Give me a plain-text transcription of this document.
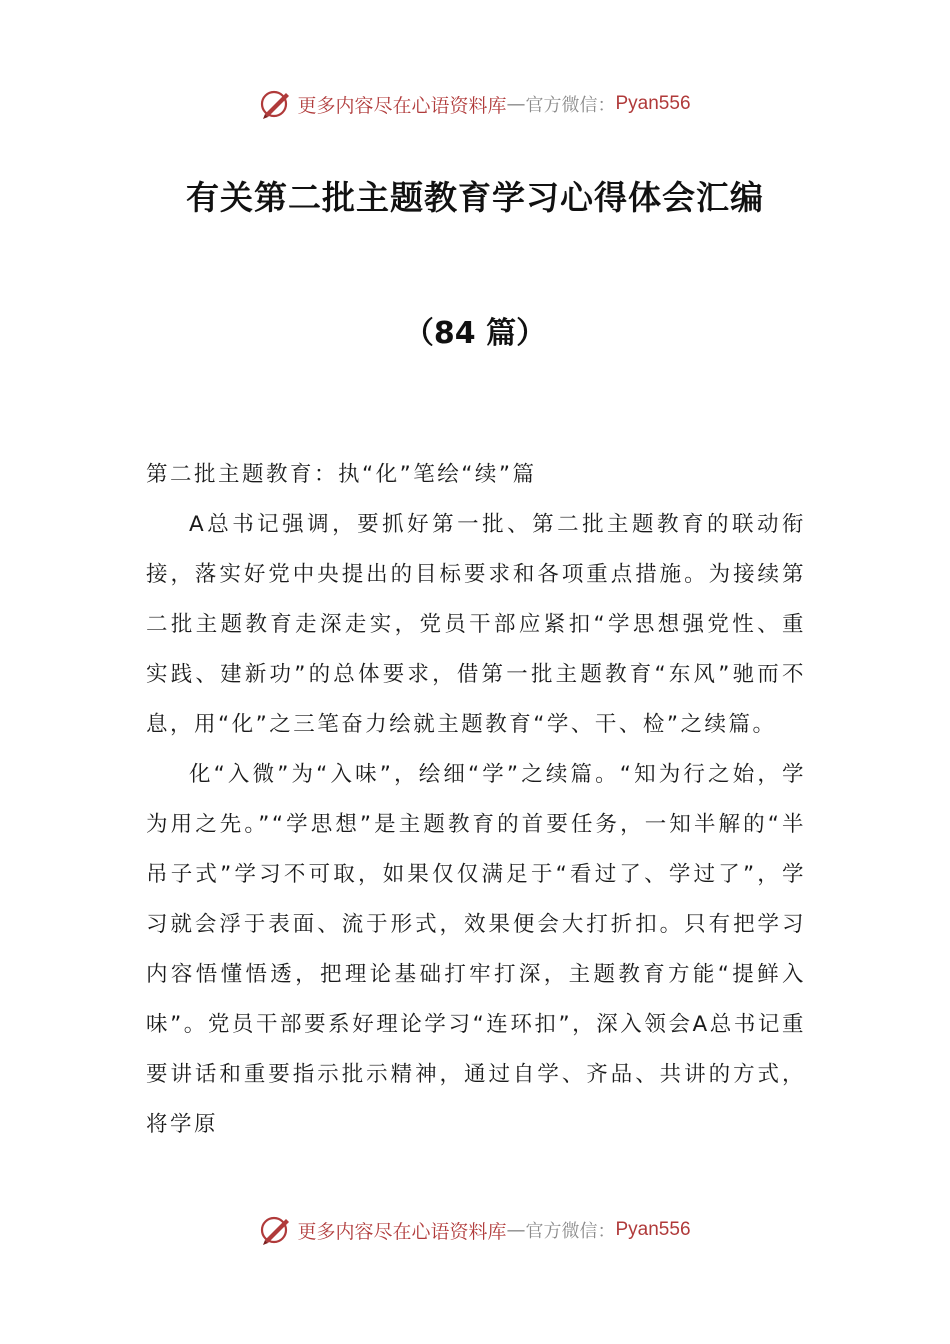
更多内容尽在心语资料库 — 官方微信： Pyan556
有关第二批主题教育学习心得体会汇编
（84 篇）
第二批主题教育：执“化”笔绘“续”篇

A总书记强调，要抓好第一批、第二批主题教育的联动衔接，落实好党中央提出的目标要求和各项重点措施。为接续第二批主题教育走深走实，党员干部应紧扣“学思想强党性、重实践、建新功”的总体要求，借第一批主题教育“东风”驰而不息，用“化”之三笔奋力绘就主题教育“学、干、检”之续篇。

化“入微”为“入味”，绘细“学”之续篇。“知为行之始，学为用之先。”“学思想”是主题教育的首要任务，一知半解的“半吊子式”学习不可取，如果仅仅满足于“看过了、学过了”，学习就会浮于表面、流于形式，效果便会大打折扣。只有把学习内容悟懂悟透，把理论基础打牢打深，主题教育方能“提鲜入味”。党员干部要系好理论学习“连环扣”，深入领会A总书记重要讲话和重要指示批示精神，通过自学、齐品、共讲的方式，将学原

更多内容尽在心语资料库 — 官方微信： Pyan556
